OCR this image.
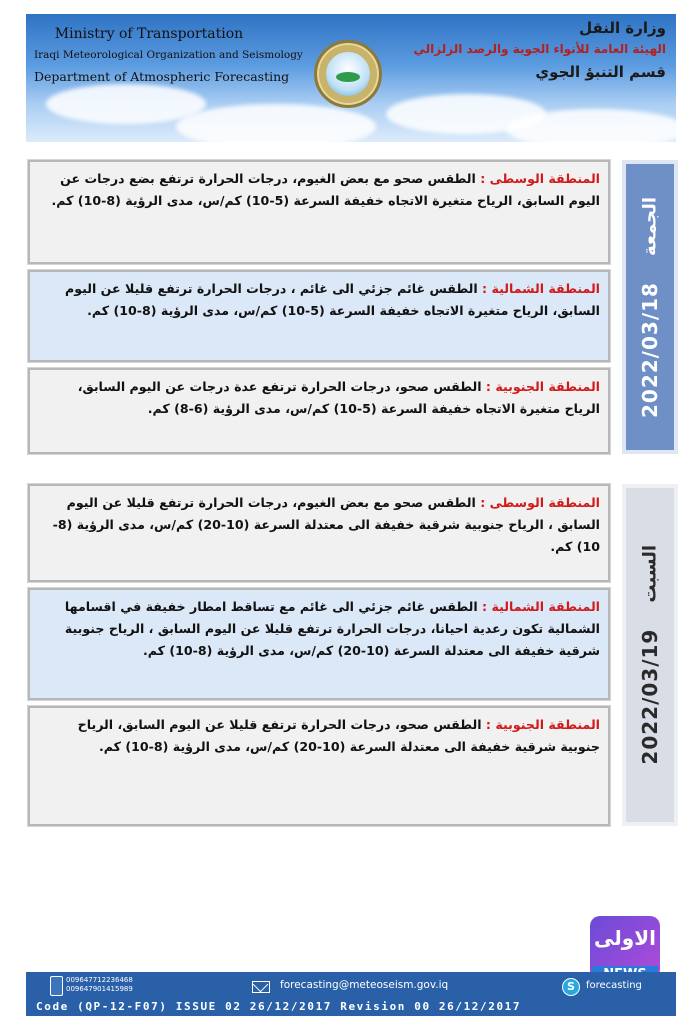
Ministry of Transportation
Iraqi Meteorological Organization and Seismology
Department of Atmospheric Forecasting
وزارة النقل
الهيئة العامة للأنواء الجوية والرصد الزلزالي
قسم التنبؤ الجوي
المنطقة الوسطى : الطقس صحو مع بعض الغيوم، درجات الحرارة ترتفع بضع درجات عن اليوم السابق، الرياح متغيرة الاتجاه خفيفة السرعة (5-10) كم/س، مدى الرؤية (8-10) كم.
المنطقة الشمالية : الطقس غائم جزئي الى غائم ، درجات الحرارة ترتفع قليلا عن اليوم السابق، الرياح متغيرة الاتجاه خفيفة السرعة (5-10) كم/س، مدى الرؤية (8-10) كم.
المنطقة الجنوبية : الطقس صحو، درجات الحرارة ترتفع عدة درجات عن اليوم السابق، الرياح متغيرة الاتجاه خفيفة السرعة (5-10) كم/س، مدى الرؤية (6-8) كم.	2022/03/18
الجمعة
المنطقة الوسطى : الطقس صحو مع بعض الغيوم، درجات الحرارة ترتفع قليلا عن اليوم السابق ، الرياح جنوبية شرقية خفيفة الى معتدلة السرعة (10-20) كم/س، مدى الرؤية (8-10) كم.
المنطقة الشمالية : الطقس غائم جزئي الى غائم مع تساقط امطار خفيفة في اقسامها الشمالية تكون رعدية احيانا، درجات الحرارة ترتفع قليلا عن اليوم السابق ، الرياح جنوبية شرقية خفيفة الى معتدلة السرعة (10-20) كم/س، مدى الرؤية (8-10) كم.
المنطقة الجنوبية : الطقس صحو، درجات الحرارة ترتفع قليلا عن اليوم السابق، الرياح جنوبية شرقية خفيفة الى معتدلة السرعة (10-20) كم/س، مدى الرؤية (8-10) كم.	2022/03/19
السبت
الاولى
009647712236468
009647901415989	forecasting@meteoseism.gov.iq	S	forecasting
Code (QP-12-F07) ISSUE 02 26/12/2017 Revision 00 26/12/2017
